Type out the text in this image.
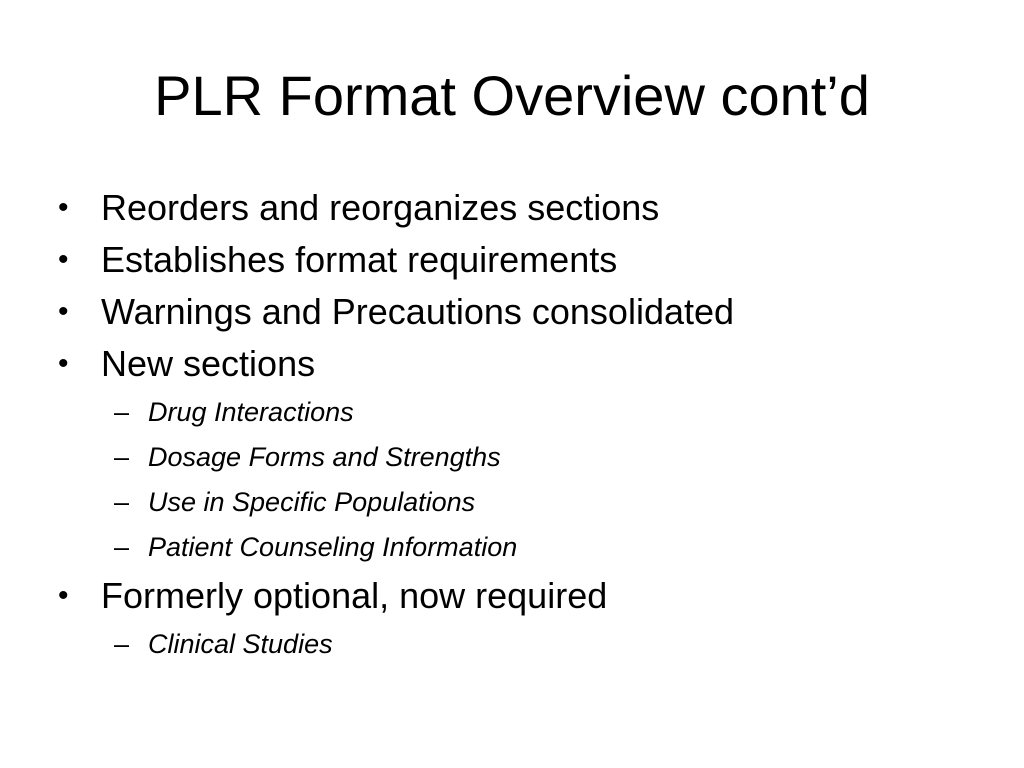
PLR Format Overview cont’d
• Reorders and reorganizes sections
• Establishes format requirements
• Warnings and Precautions consolidated
• New sections
– Drug Interactions
– Dosage Forms and Strengths
– Use in Specific Populations
– Patient Counseling Information
• Formerly optional, now required
– Clinical Studies
